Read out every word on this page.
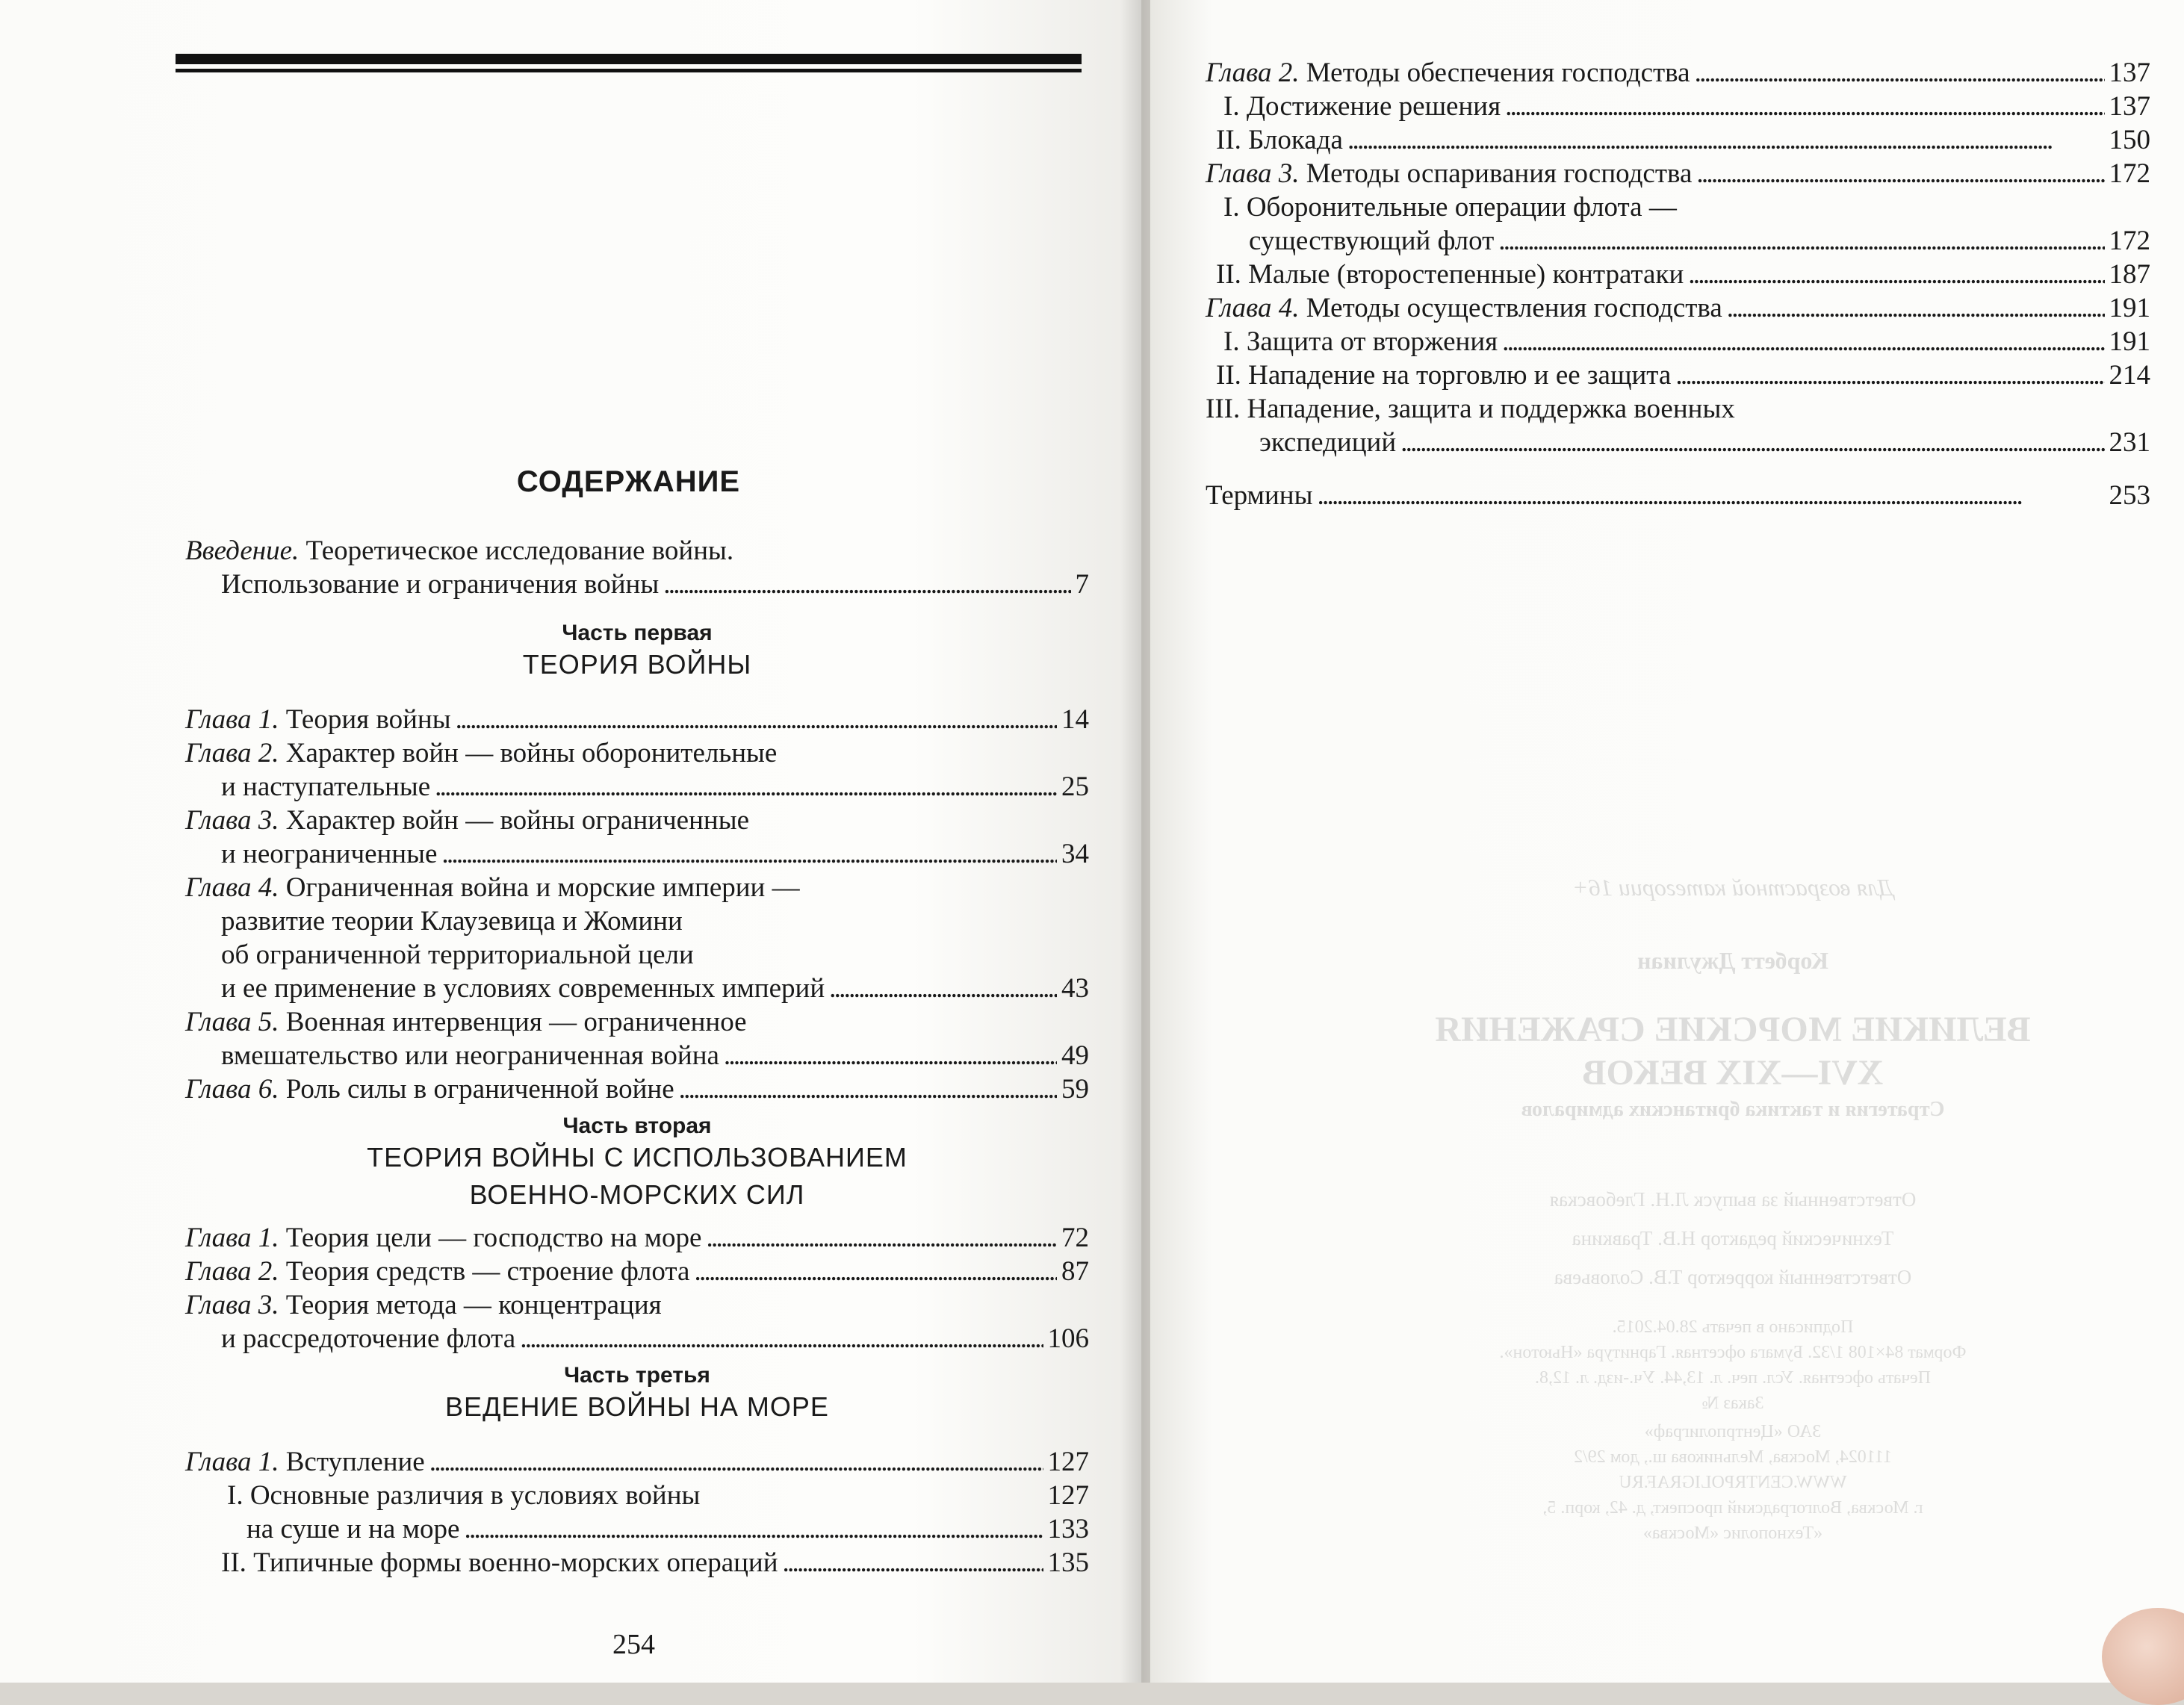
СОДЕРЖАНИЕ
Введение. Теоретическое исследование войны.
Использование и ограничения войны . . .	7
Часть первая
ТЕОРИЯ ВОЙНЫ
Глава 1. Теория войны . . .	14
Глава 2. Характер войн — войны оборонительные
и наступательные . . .	25
Глава 3. Характер войн — войны ограниченные
и неограниченные . . .	34
Глава 4. Ограниченная война и морские империи —
развитие теории Клаузевица и Жомини
об ограниченной территориальной цели
и ее применение в условиях современных империй . . .	43
Глава 5. Военная интервенция — ограниченное
вмешательство или неограниченная война . . .	49
Глава 6. Роль силы в ограниченной войне . . .	59
Часть вторая
ТЕОРИЯ ВОЙНЫ С ИСПОЛЬЗОВАНИЕМ
ВОЕННО-МОРСКИХ СИЛ
Глава 1. Теория цели — господство на море . . .	72
Глава 2. Теория средств — строение флота . . .	87
Глава 3. Теория метода — концентрация
и рассредоточение флота . . .	106
Часть третья
ВЕДЕНИЕ ВОЙНЫ НА МОРЕ
Глава 1. Вступление . . .	127
I. Основные различия в условиях войны	127
на суше и на море . . .	133
II. Типичные формы военно-морских операций . . .	135
254
Глава 2. Методы обеспечения господства . . .	137
I. Достижение решения . . .	137
II. Блокада . . .	150
Глава 3. Методы оспаривания господства . . .	172
I. Оборонительные операции флота —
существующий флот . . .	172
II. Малые (второстепенные) контратаки . . .	187
Глава 4. Методы осуществления господства . . .	191
I. Защита от вторжения . . .	191
II. Нападение на торговлю и ее защита . . .	214
III. Нападение, защита и поддержка военных
экспедиций . . .	231
Термины . . .	253
Для возрастной категории 16+
Корбетт Джулиан
ВЕЛИКИЕ МОРСКИЕ СРАЖЕНИЯ
XVI—XIX ВЕКОВ
Стратегия и тактика британских адмиралов
Ответственный за выпуск Л.Н. Глебовская
Технический редактор Н.В. Травкина
Ответственный корректор Т.В. Соловьева
Подписано в печать 28.04.2015.
Формат 84×108 1/32. Бумага офсетная. Гарнитура «Ньютон».
Печать офсетная. Усл. печ. л. 13,44. Уч.-изд. л. 12,8.
Заказ №
ЗАО «Центрполиграф»
111024, Москва, Мельникова ш., дом 29/2
WWW.CENTRPOLIGRAF.RU
г. Москва, Волгоградский проспект, д. 42, корп. 5,
«Технополис «Москва»
